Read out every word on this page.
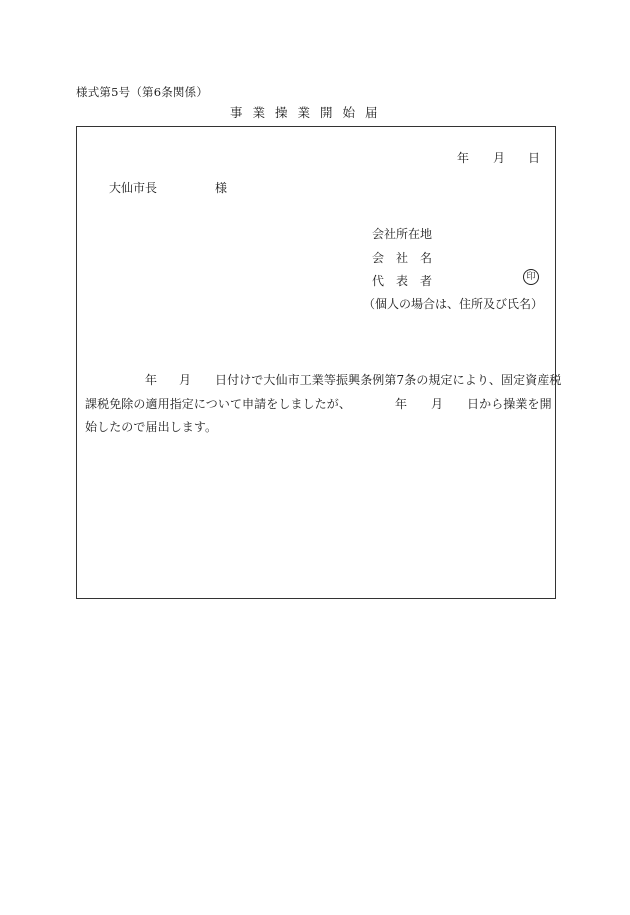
様式第5号（第6条関係）
事業操業開始届
年 月 日
大仙市長	様
会社所在地
会　社　名
代　表　者	印
（個人の場合は、住所及び氏名）
年 月 日付けで大仙市工業等振興条例第7条の規定により、固定資産税
課税免除の適用指定について申請をしましたが、	年 月 日から操業を開
始したので届出します。
